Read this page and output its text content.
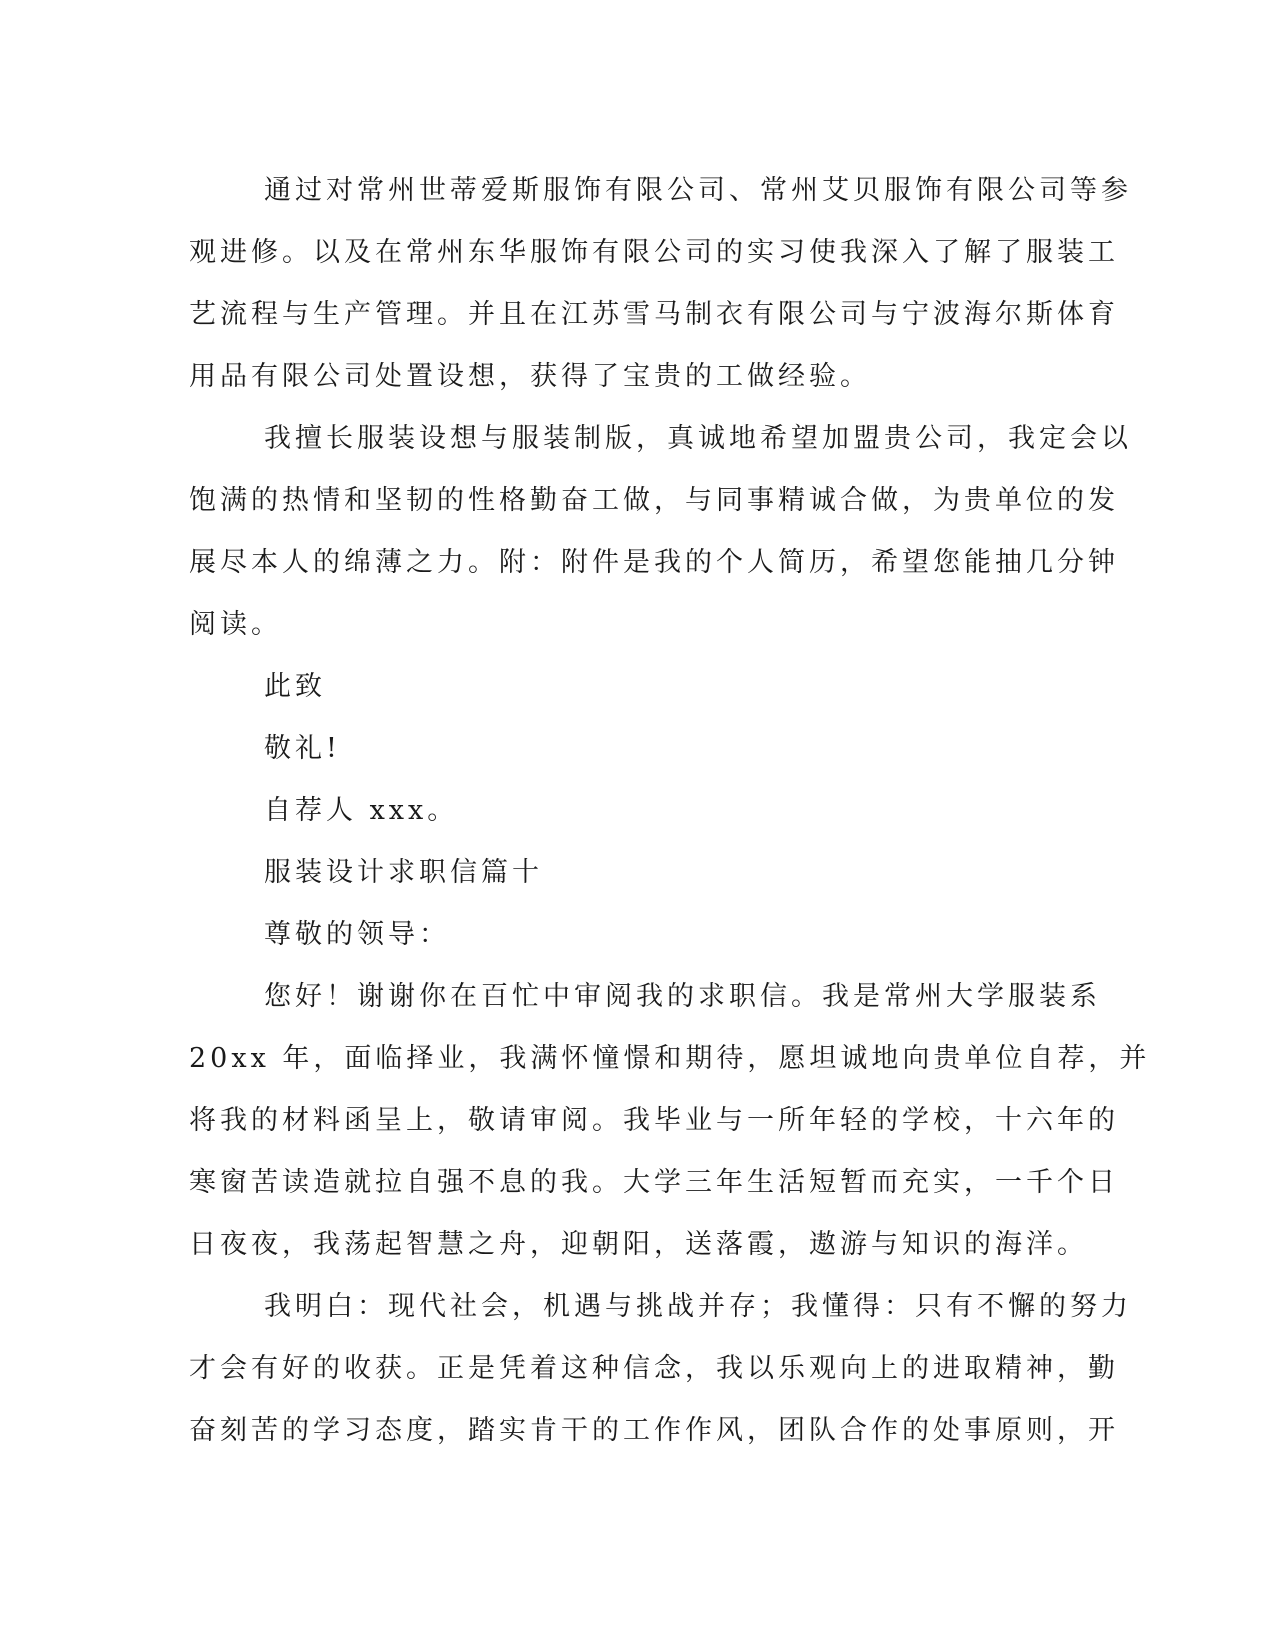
通过对常州世蒂爱斯服饰有限公司、常州艾贝服饰有限公司等参
观进修。以及在常州东华服饰有限公司的实习使我深入了解了服装工
艺流程与生产管理。并且在江苏雪马制衣有限公司与宁波海尔斯体育
用品有限公司处置设想，获得了宝贵的工做经验。
我擅长服装设想与服装制版，真诚地希望加盟贵公司，我定会以
饱满的热情和坚韧的性格勤奋工做，与同事精诚合做，为贵单位的发
展尽本人的绵薄之力。附：附件是我的个人简历，希望您能抽几分钟
阅读。
此致
敬礼!
自荐人 xxx。
服装设计求职信篇十
尊敬的领导：
您好！谢谢你在百忙中审阅我的求职信。我是常州大学服装系
20xx 年，面临择业，我满怀憧憬和期待，愿坦诚地向贵单位自荐，并
将我的材料函呈上，敬请审阅。我毕业与一所年轻的学校，十六年的
寒窗苦读造就拉自强不息的我。大学三年生活短暂而充实，一千个日
日夜夜，我荡起智慧之舟，迎朝阳，送落霞，遨游与知识的海洋。
我明白：现代社会，机遇与挑战并存；我懂得：只有不懈的努力
才会有好的收获。正是凭着这种信念，我以乐观向上的进取精神，勤
奋刻苦的学习态度，踏实肯干的工作作风，团队合作的处事原则，开
